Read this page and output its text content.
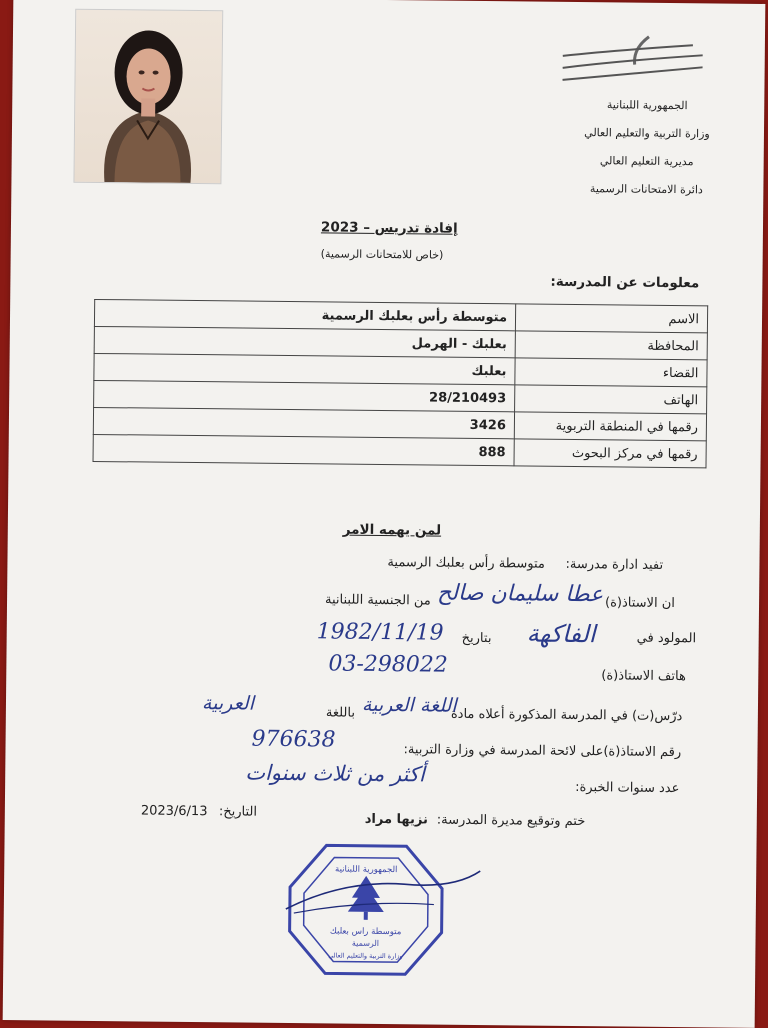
الجمهورية اللبنانية
وزارة التربية والتعليم العالي
مديرية التعليم العالي
دائرة الامتحانات الرسمية
إفادة تدريس – 2023
(خاص للامتحانات الرسمية)
معلومات عن المدرسة:
الاسم	متوسطة رأس بعلبك الرسمية
المحافظة	بعلبك - الهرمل
القضاء	بعلبك
الهاتف	28/210493
رقمها في المنطقة التربوية	3426
رقمها في مركز البحوث	888
لمن يهمه الامر
تفيد ادارة مدرسة:     متوسطة رأس بعلبك الرسمية
ان الاستاذ(ة)
من الجنسية اللبنانية عطا سليمان صالح
المولود في
الفاكهة
بتاريخ
1982/11/19
هاتف الاستاذ(ة)
03-298022
درّس(ت) في المدرسة المذكورة أعلاه مادة
اللغة العربية
باللغة
العربية
رقم الاستاذ(ة)على لائحة المدرسة في وزارة التربية:
976638
عدد سنوات الخبرة:
أكثر من ثلاث سنوات
ختم وتوقيع مديرة المدرسة:
نزيها مراد
التاريخ:
2023/6/13
متوسطة راس بعلبك
الرسمية
الجمهورية اللبنانية
وزارة التربية والتعليم العالي
